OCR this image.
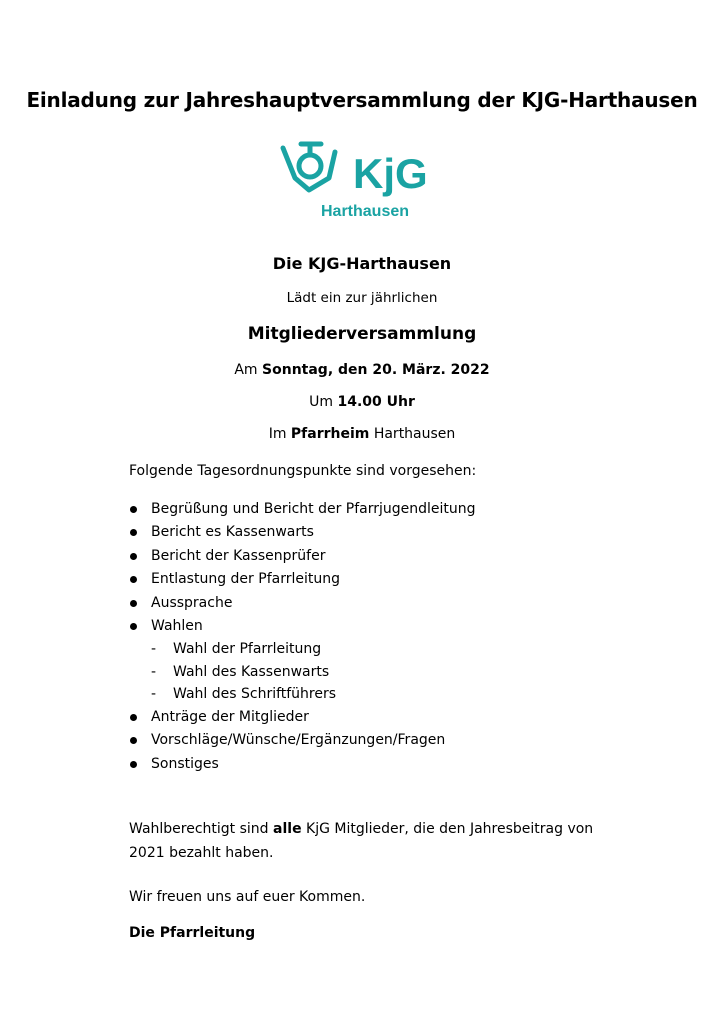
Einladung zur Jahreshauptversammlung der KJG-Harthausen
KjG
Harthausen
Die KJG-Harthausen
Lädt ein zur jährlichen
Mitgliederversammlung
Am Sonntag, den 20. März. 2022
Um 14.00 Uhr
Im Pfarrheim Harthausen
Folgende Tagesordnungspunkte sind vorgesehen:
Begrüßung und Bericht der Pfarrjugendleitung
Bericht es Kassenwarts
Bericht der Kassenprüfer
Entlastung der Pfarrleitung
Aussprache
Wahlen
- Wahl der Pfarrleitung
- Wahl des Kassenwarts
- Wahl des Schriftführers
Anträge der Mitglieder
Vorschläge/Wünsche/Ergänzungen/Fragen
Sonstiges
Wahlberechtigt sind alle KjG Mitglieder, die den Jahresbeitrag von 2021 bezahlt haben.
Wir freuen uns auf euer Kommen.
Die Pfarrleitung
